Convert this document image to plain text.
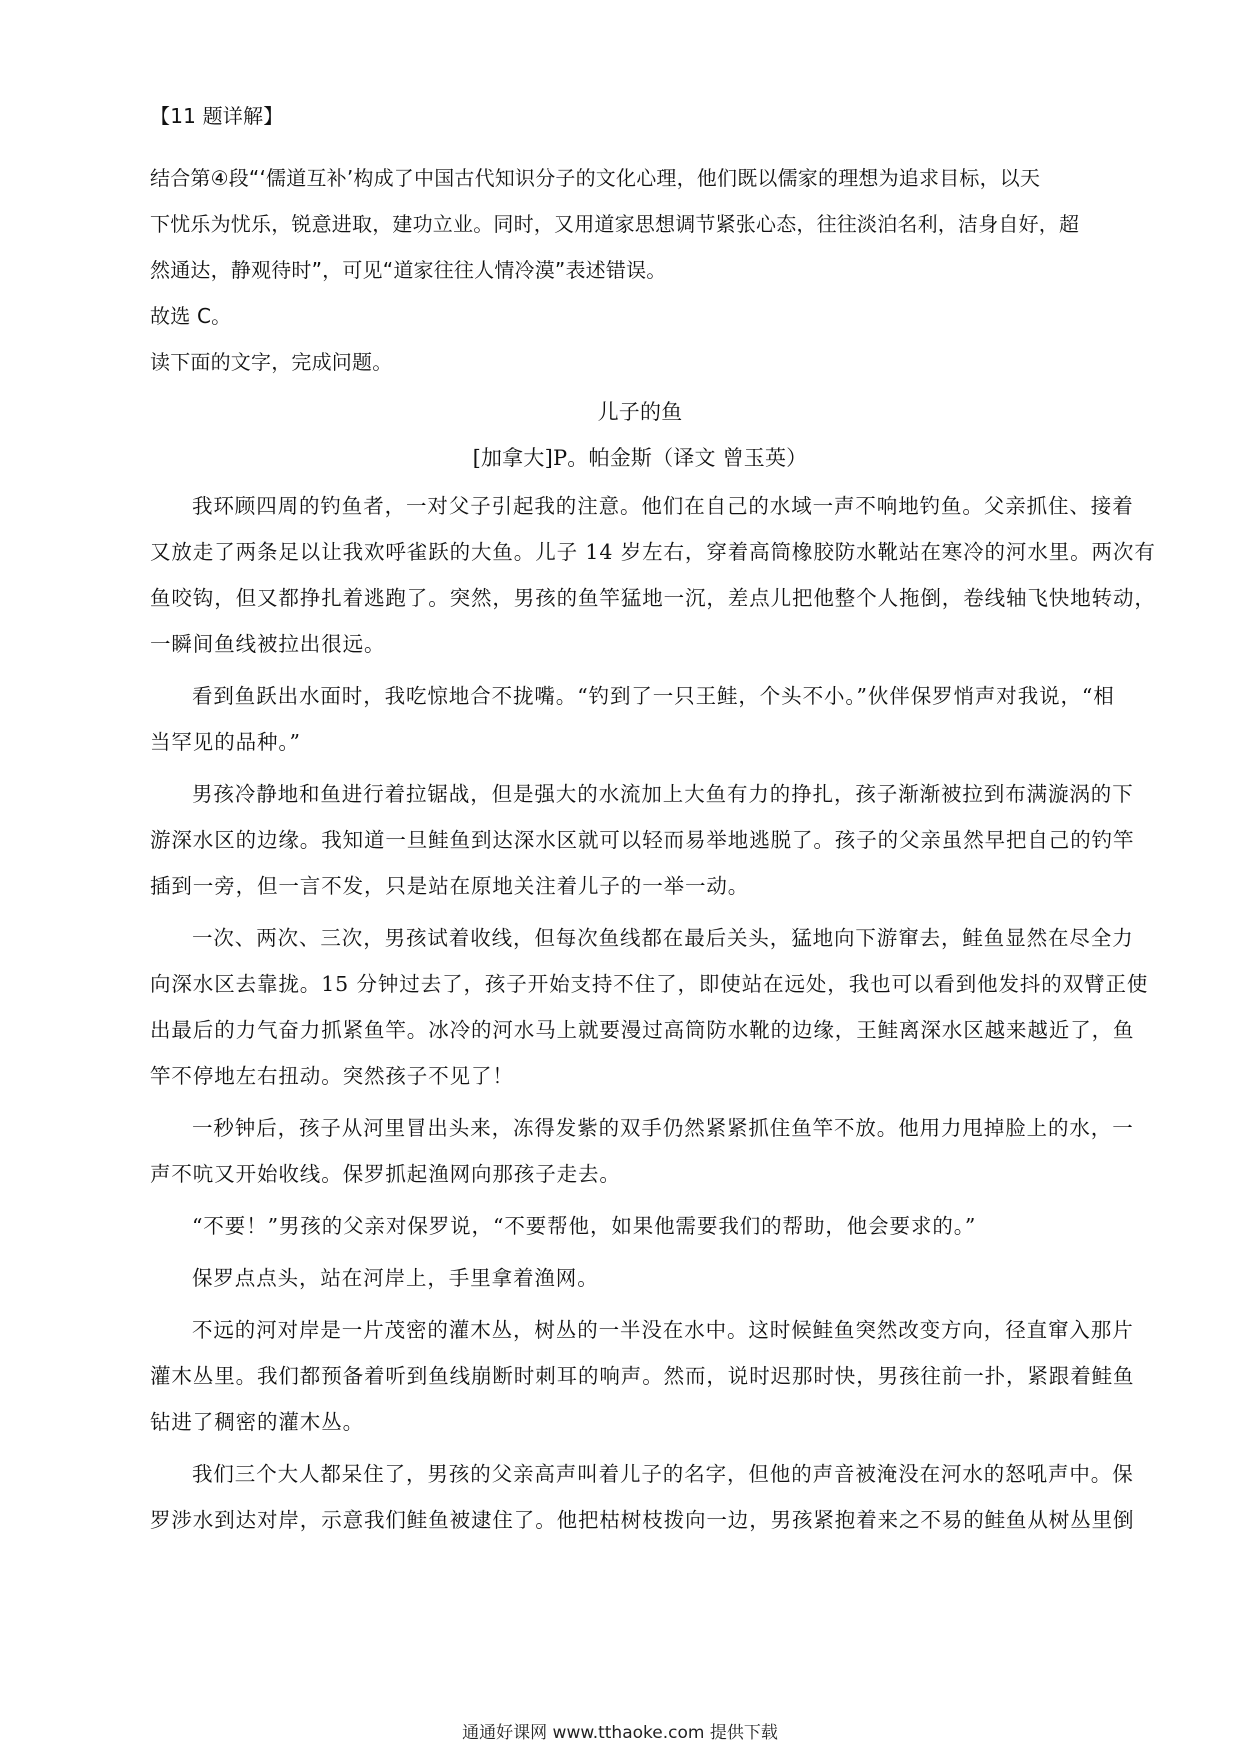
【11 题详解】

结合第④段“‘儒道互补’构成了中国古代知识分子的文化心理，他们既以儒家的理想为追求目标，以天

下忧乐为忧乐，锐意进取，建功立业。同时，又用道家思想调节紧张心态，往往淡泊名利，洁身自好，超

然通达，静观待时”，可见“道家往往人情冷漠”表述错误。

故选 C。

读下面的文字，完成问题。

儿子的鱼

[加拿大]P。帕金斯（译文 曾玉英）

我环顾四周的钓鱼者，一对父子引起我的注意。他们在自己的水域一声不响地钓鱼。父亲抓住、接着

又放走了两条足以让我欢呼雀跃的大鱼。儿子 14 岁左右，穿着高筒橡胶防水靴站在寒冷的河水里。两次有

鱼咬钩，但又都挣扎着逃跑了。突然，男孩的鱼竿猛地一沉，差点儿把他整个人拖倒，卷线轴飞快地转动，

一瞬间鱼线被拉出很远。

看到鱼跃出水面时，我吃惊地合不拢嘴。“钓到了一只王鲑，个头不小。”伙伴保罗悄声对我说，“相

当罕见的品种。”

男孩冷静地和鱼进行着拉锯战，但是强大的水流加上大鱼有力的挣扎，孩子渐渐被拉到布满漩涡的下

游深水区的边缘。我知道一旦鲑鱼到达深水区就可以轻而易举地逃脱了。孩子的父亲虽然早把自己的钓竿

插到一旁，但一言不发，只是站在原地关注着儿子的一举一动。

一次、两次、三次，男孩试着收线，但每次鱼线都在最后关头，猛地向下游窜去，鲑鱼显然在尽全力

向深水区去靠拢。15 分钟过去了，孩子开始支持不住了，即使站在远处，我也可以看到他发抖的双臂正使

出最后的力气奋力抓紧鱼竿。冰冷的河水马上就要漫过高筒防水靴的边缘，王鲑离深水区越来越近了，鱼

竿不停地左右扭动。突然孩子不见了！

一秒钟后，孩子从河里冒出头来，冻得发紫的双手仍然紧紧抓住鱼竿不放。他用力甩掉脸上的水，一

声不吭又开始收线。保罗抓起渔网向那孩子走去。

“不要！”男孩的父亲对保罗说，“不要帮他，如果他需要我们的帮助，他会要求的。”

保罗点点头，站在河岸上，手里拿着渔网。

不远的河对岸是一片茂密的灌木丛，树丛的一半没在水中。这时候鲑鱼突然改变方向，径直窜入那片

灌木丛里。我们都预备着听到鱼线崩断时刺耳的响声。然而，说时迟那时快，男孩往前一扑，紧跟着鲑鱼

钻进了稠密的灌木丛。

我们三个大人都呆住了，男孩的父亲高声叫着儿子的名字，但他的声音被淹没在河水的怒吼声中。保

罗涉水到达对岸，示意我们鲑鱼被逮住了。他把枯树枝拨向一边，男孩紧抱着来之不易的鲑鱼从树丛里倒

通通好课网 www.tthaoke.com 提供下载
